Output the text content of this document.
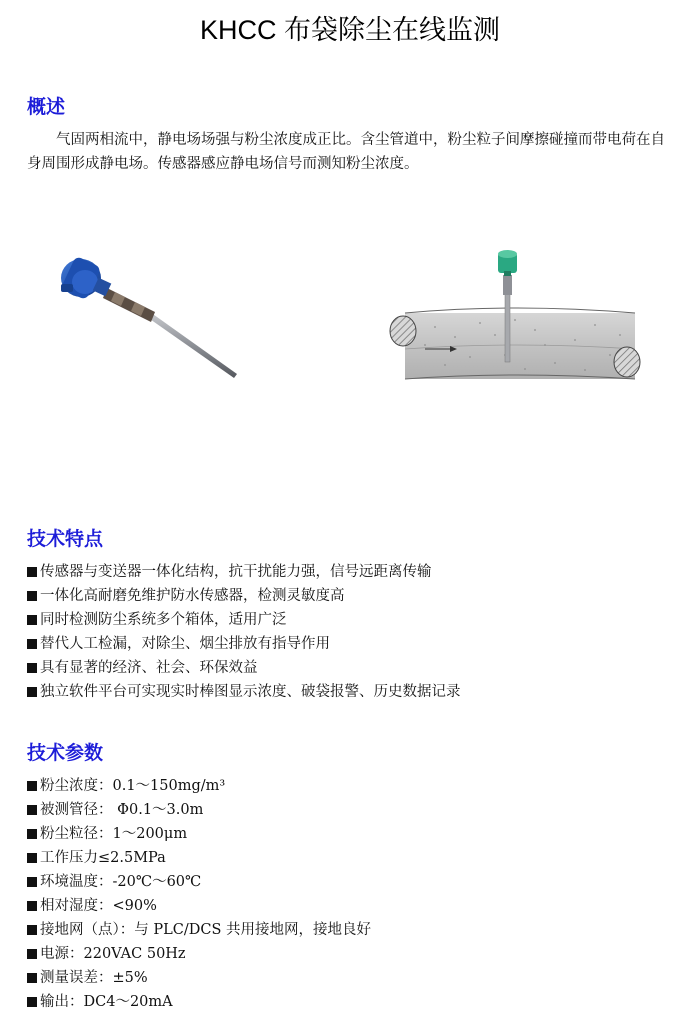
KHCC 布袋除尘在线监测
概述
气固两相流中，静电场场强与粉尘浓度成正比。含尘管道中，粉尘粒子间摩擦碰撞而带电荷在自身周围形成静电场。传感器感应静电场信号而测知粉尘浓度。
技术特点
传感器与变送器一体化结构，抗干扰能力强，信号远距离传输
一体化高耐磨免维护防水传感器，检测灵敏度高
同时检测防尘系统多个箱体，适用广泛
替代人工检漏，对除尘、烟尘排放有指导作用
具有显著的经济、社会、环保效益
独立软件平台可实现实时棒图显示浓度、破袋报警、历史数据记录
技术参数
粉尘浓度：0.1～150mg/m³
被测管径： Φ0.1～3.0m
粉尘粒径：1～200μm
工作压力≤2.5MPa
环境温度：-20℃～60℃
相对湿度：<90%
接地网（点）：与 PLC/DCS 共用接地网，接地良好
电源：220VAC 50Hz
测量误差：±5%
输出：DC4～20mA
